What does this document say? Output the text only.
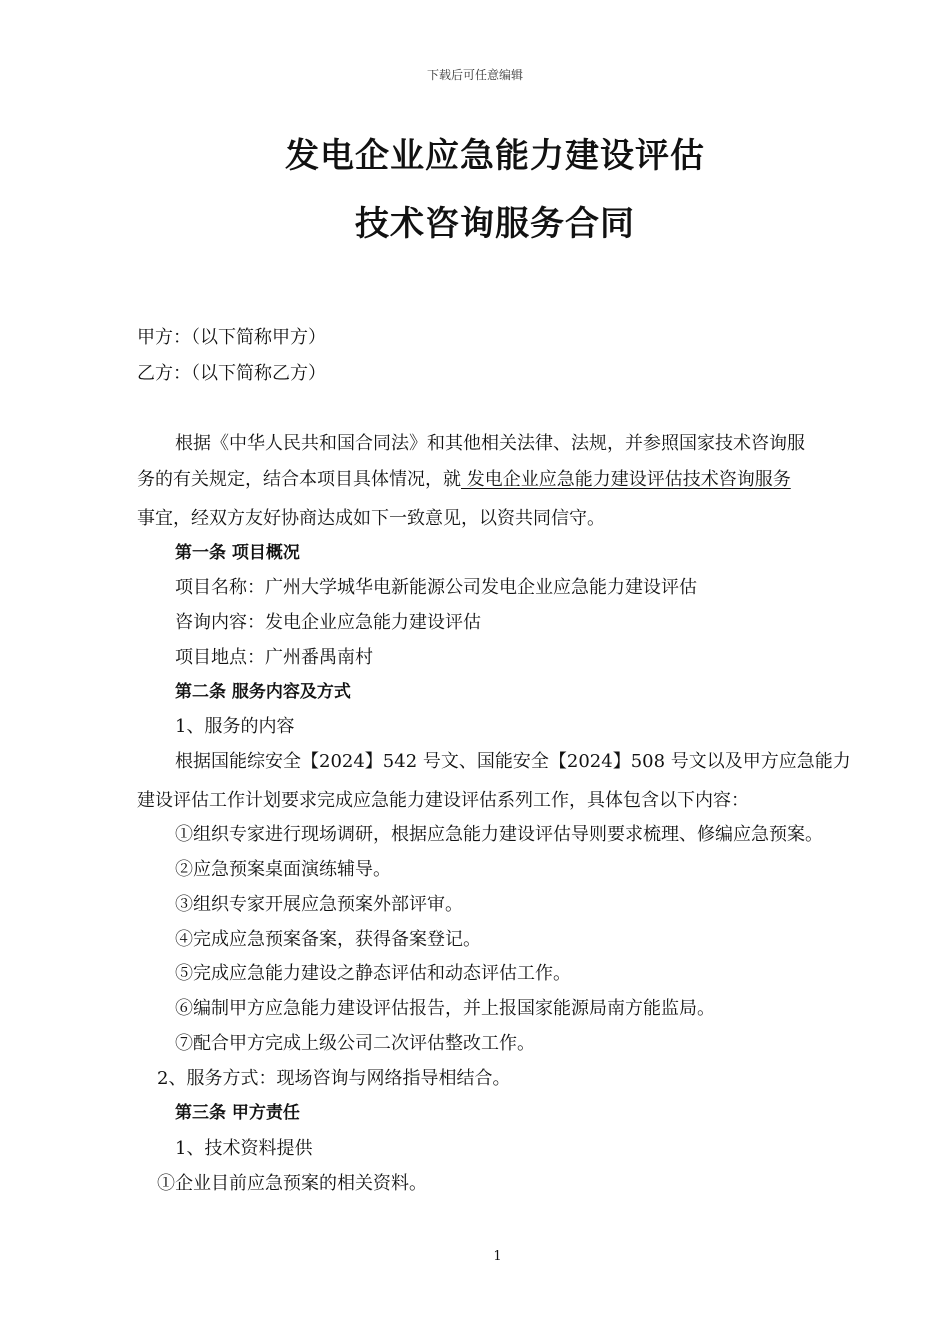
下载后可任意编辑
发电企业应急能力建设评估
技术咨询服务合同
甲方：（以下简称甲方）
乙方：（以下简称乙方）
根据《中华人民共和国合同法》和其他相关法律、法规，并参照国家技术咨询服
务的有关规定，结合本项目具体情况，就 发电企业应急能力建设评估技术咨询服务
事宜，经双方友好协商达成如下一致意见，以资共同信守。
第一条 项目概况
项目名称：广州大学城华电新能源公司发电企业应急能力建设评估
咨询内容：发电企业应急能力建设评估
项目地点：广州番禺南村
第二条 服务内容及方式
1、服务的内容
根据国能综安全【2024】542 号文、国能安全【2024】508 号文以及甲方应急能力
建设评估工作计划要求完成应急能力建设评估系列工作，具体包含以下内容：
①组织专家进行现场调研，根据应急能力建设评估导则要求梳理、修编应急预案。
②应急预案桌面演练辅导。
③组织专家开展应急预案外部评审。
④完成应急预案备案，获得备案登记。
⑤完成应急能力建设之静态评估和动态评估工作。
⑥编制甲方应急能力建设评估报告，并上报国家能源局南方能监局。
⑦配合甲方完成上级公司二次评估整改工作。
2、服务方式：现场咨询与网络指导相结合。
第三条 甲方责任
1、技术资料提供
①企业目前应急预案的相关资料。
1
